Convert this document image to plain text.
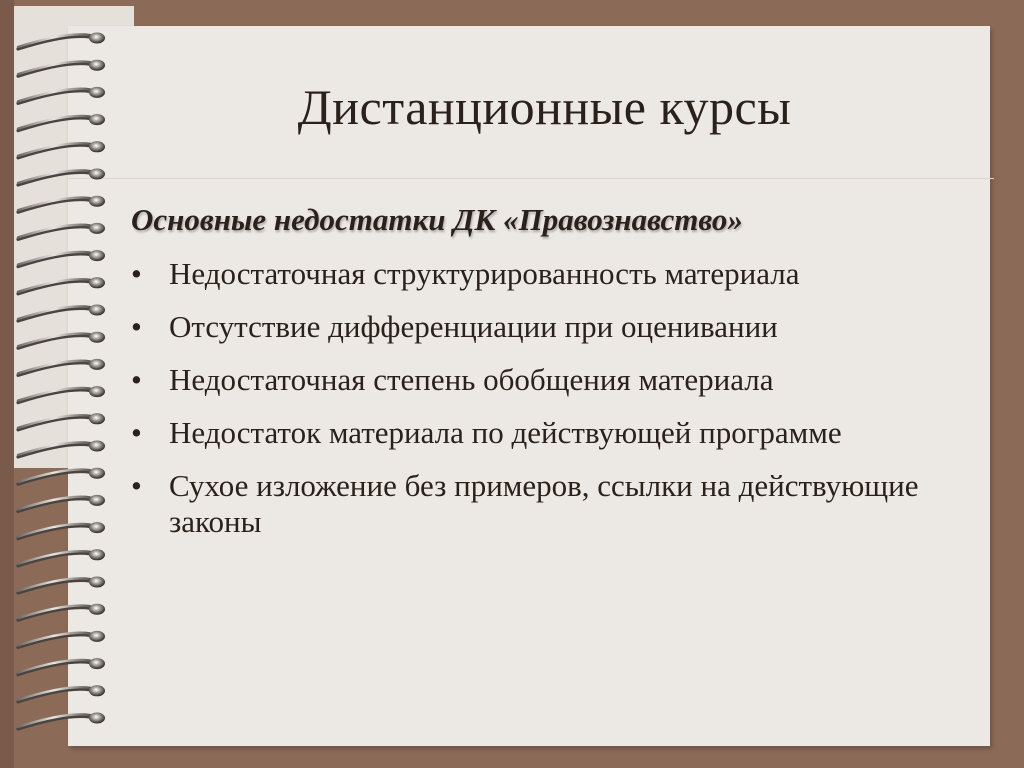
Дистанционные курсы
Основные недостатки ДК «Правознавство»
• Недостаточная структурированность материала
• Отсутствие дифференциации при оценивании
• Недостаточная степень обобщения материала
• Недостаток материала по действующей программе
• Сухое изложение без примеров, ссылки на действующие законы
